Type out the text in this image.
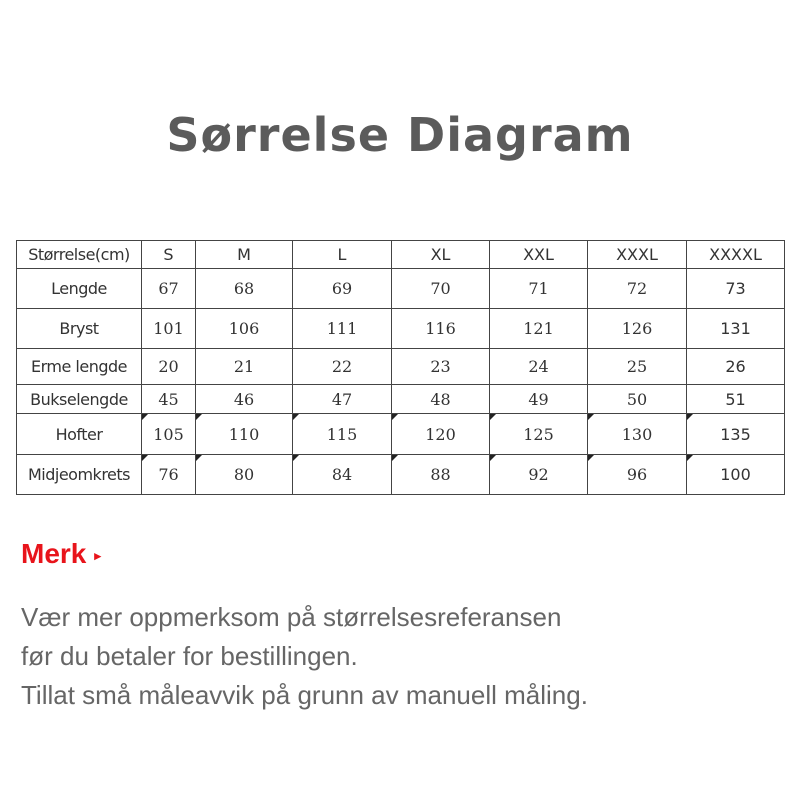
Sørrelse Diagram
Størrelse(cm)	S	M	L	XL	XXL	XXXL	XXXXL
Lengde	67	68	69	70	71	72	73
Bryst	101	106	111	116	121	126	131
Erme lengde	20	21	22	23	24	25	26
Bukselengde	45	46	47	48	49	50	51
Hofter	105	110	115	120	125	130	135
Midjeomkrets	76	80	84	88	92	96	100
Merk ▸
Vær mer oppmerksom på størrelsesreferansen
før du betaler for bestillingen.
Tillat små måleavvik på grunn av manuell måling.
